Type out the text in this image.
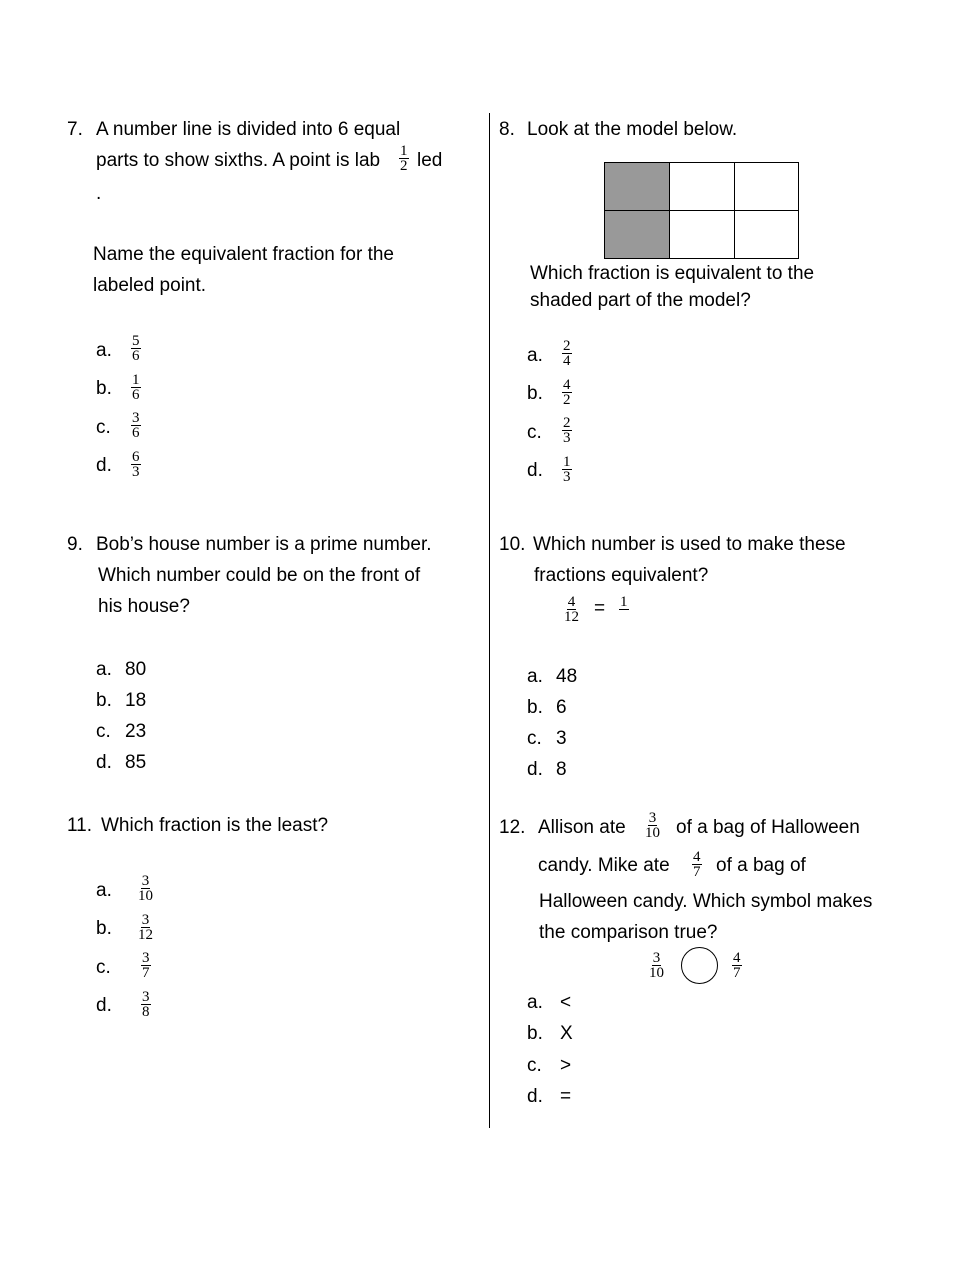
7. A number line is divided into 6 equal
parts to show sixths. A point is lab $\frac{1}{2}$ led
.
Name the equivalent fraction for the
labeled point.
a. $\frac{5}{6}$
b. $\frac{1}{6}$
c. $\frac{3}{6}$
d. $\frac{6}{3}$
8. Look at the model below.
Which fraction is equivalent to the
shaded part of the model?
a. $\frac{2}{4}$
b. $\frac{4}{2}$
c. $\frac{2}{3}$
d. $\frac{1}{3}$
9. Bob’s house number is a prime number.
Which number could be on the front of
his house?
a. 80
b. 18
c. 23
d. 85
10. Which number is used to make these
fractions equivalent?
$\frac{4}{12} = 1$
a. 48
b. 6
c. 3
d. 8
11. Which fraction is the least?
a. $\frac{3}{10}$
b. $\frac{3}{12}$
c. $\frac{3}{7}$
d. $\frac{3}{8}$
12. Allison ate $\frac{3}{10}$ of a bag of Halloween
candy. Mike ate $\frac{4}{7}$ of a bag of
Halloween candy. Which symbol makes
the comparison true?
$\frac{3}{10}$	$\frac{4}{7}$
a. <
b. X
c. >
d. =
